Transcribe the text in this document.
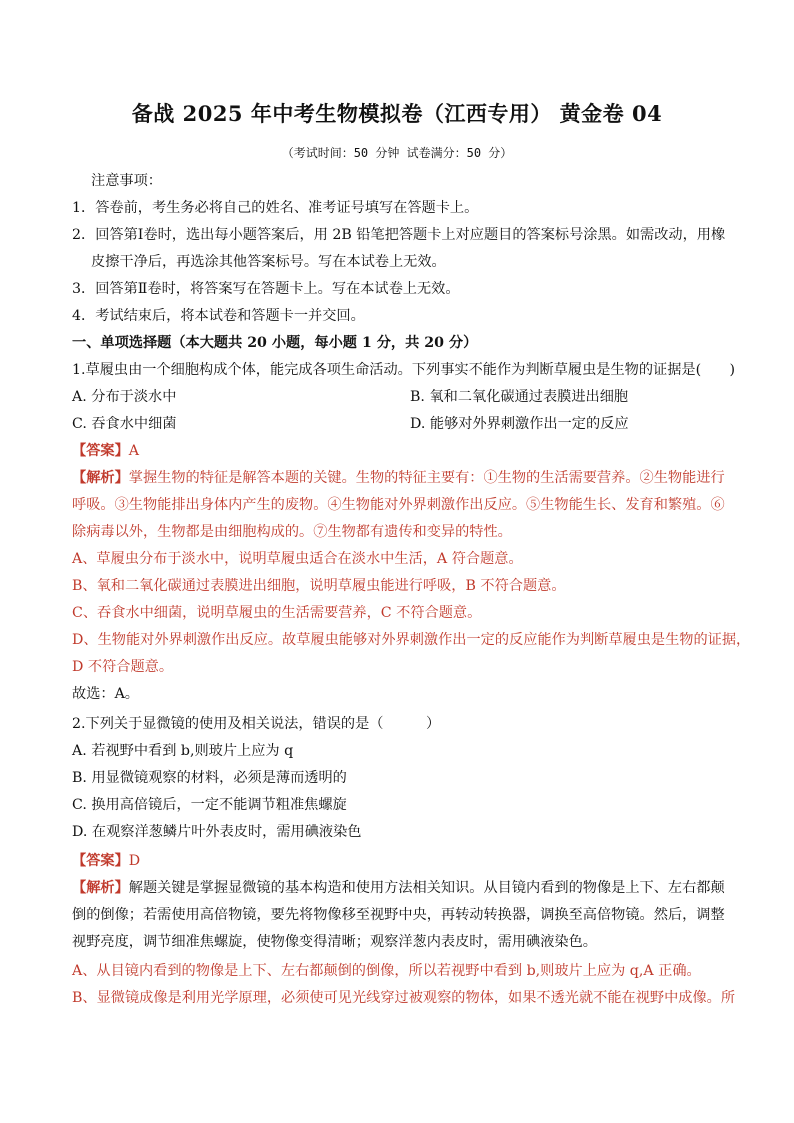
备战 2025 年中考生物模拟卷（江西专用） 黄金卷 04
（考试时间：50 分钟 试卷满分：50 分）
注意事项：
1．答卷前，考生务必将自己的姓名、准考证号填写在答题卡上。
2．回答第Ⅰ卷时，选出每小题答案后，用 2B 铅笔把答题卡上对应题目的答案标号涂黑。如需改动，用橡
皮擦干净后，再选涂其他答案标号。写在本试卷上无效。
3．回答第Ⅱ卷时，将答案写在答题卡上。写在本试卷上无效。
4．考试结束后，将本试卷和答题卡一并交回。
一、单项选择题（本大题共 20 小题，每小题 1 分，共 20 分）
1.草履虫由一个细胞构成个体，能完成各项生命活动。下列事实不能作为判断草履虫是生物的证据是(　　)
A. 分布于淡水中	B. 氧和二氧化碳通过表膜进出细胞
C. 吞食水中细菌	D. 能够对外界刺激作出一定的反应
【答案】A
【解析】掌握生物的特征是解答本题的关键。生物的特征主要有：①生物的生活需要营养。②生物能进行
呼吸。③生物能排出身体内产生的废物。④生物能对外界刺激作出反应。⑤生物能生长、发育和繁殖。⑥
除病毒以外，生物都是由细胞构成的。⑦生物都有遗传和变异的特性。
A、草履虫分布于淡水中，说明草履虫适合在淡水中生活，A 符合题意。
B、氧和二氧化碳通过表膜进出细胞，说明草履虫能进行呼吸，B 不符合题意。
C、吞食水中细菌，说明草履虫的生活需要营养，C 不符合题意。
D、生物能对外界刺激作出反应。故草履虫能够对外界刺激作出一定的反应能作为判断草履虫是生物的证据，
D 不符合题意。
故选：A。
2.下列关于显微镜的使用及相关说法，错误的是（　　　）
A. 若视野中看到 b,则玻片上应为 q
B. 用显微镜观察的材料，必须是薄而透明的
C. 换用高倍镜后，一定不能调节粗准焦螺旋
D. 在观察洋葱鳞片叶外表皮时，需用碘液染色
【答案】D
【解析】解题关键是掌握显微镜的基本构造和使用方法相关知识。从目镜内看到的物像是上下、左右都颠
倒的倒像；若需使用高倍物镜，要先将物像移至视野中央，再转动转换器，调换至高倍物镜。然后，调整
视野亮度，调节细准焦螺旋，使物像变得清晰；观察洋葱内表皮时，需用碘液染色。
A、从目镜内看到的物像是上下、左右都颠倒的倒像，所以若视野中看到 b,则玻片上应为 q,A 正确。
B、显微镜成像是利用光学原理，必须使可见光线穿过被观察的物体，如果不透光就不能在视野中成像。所
